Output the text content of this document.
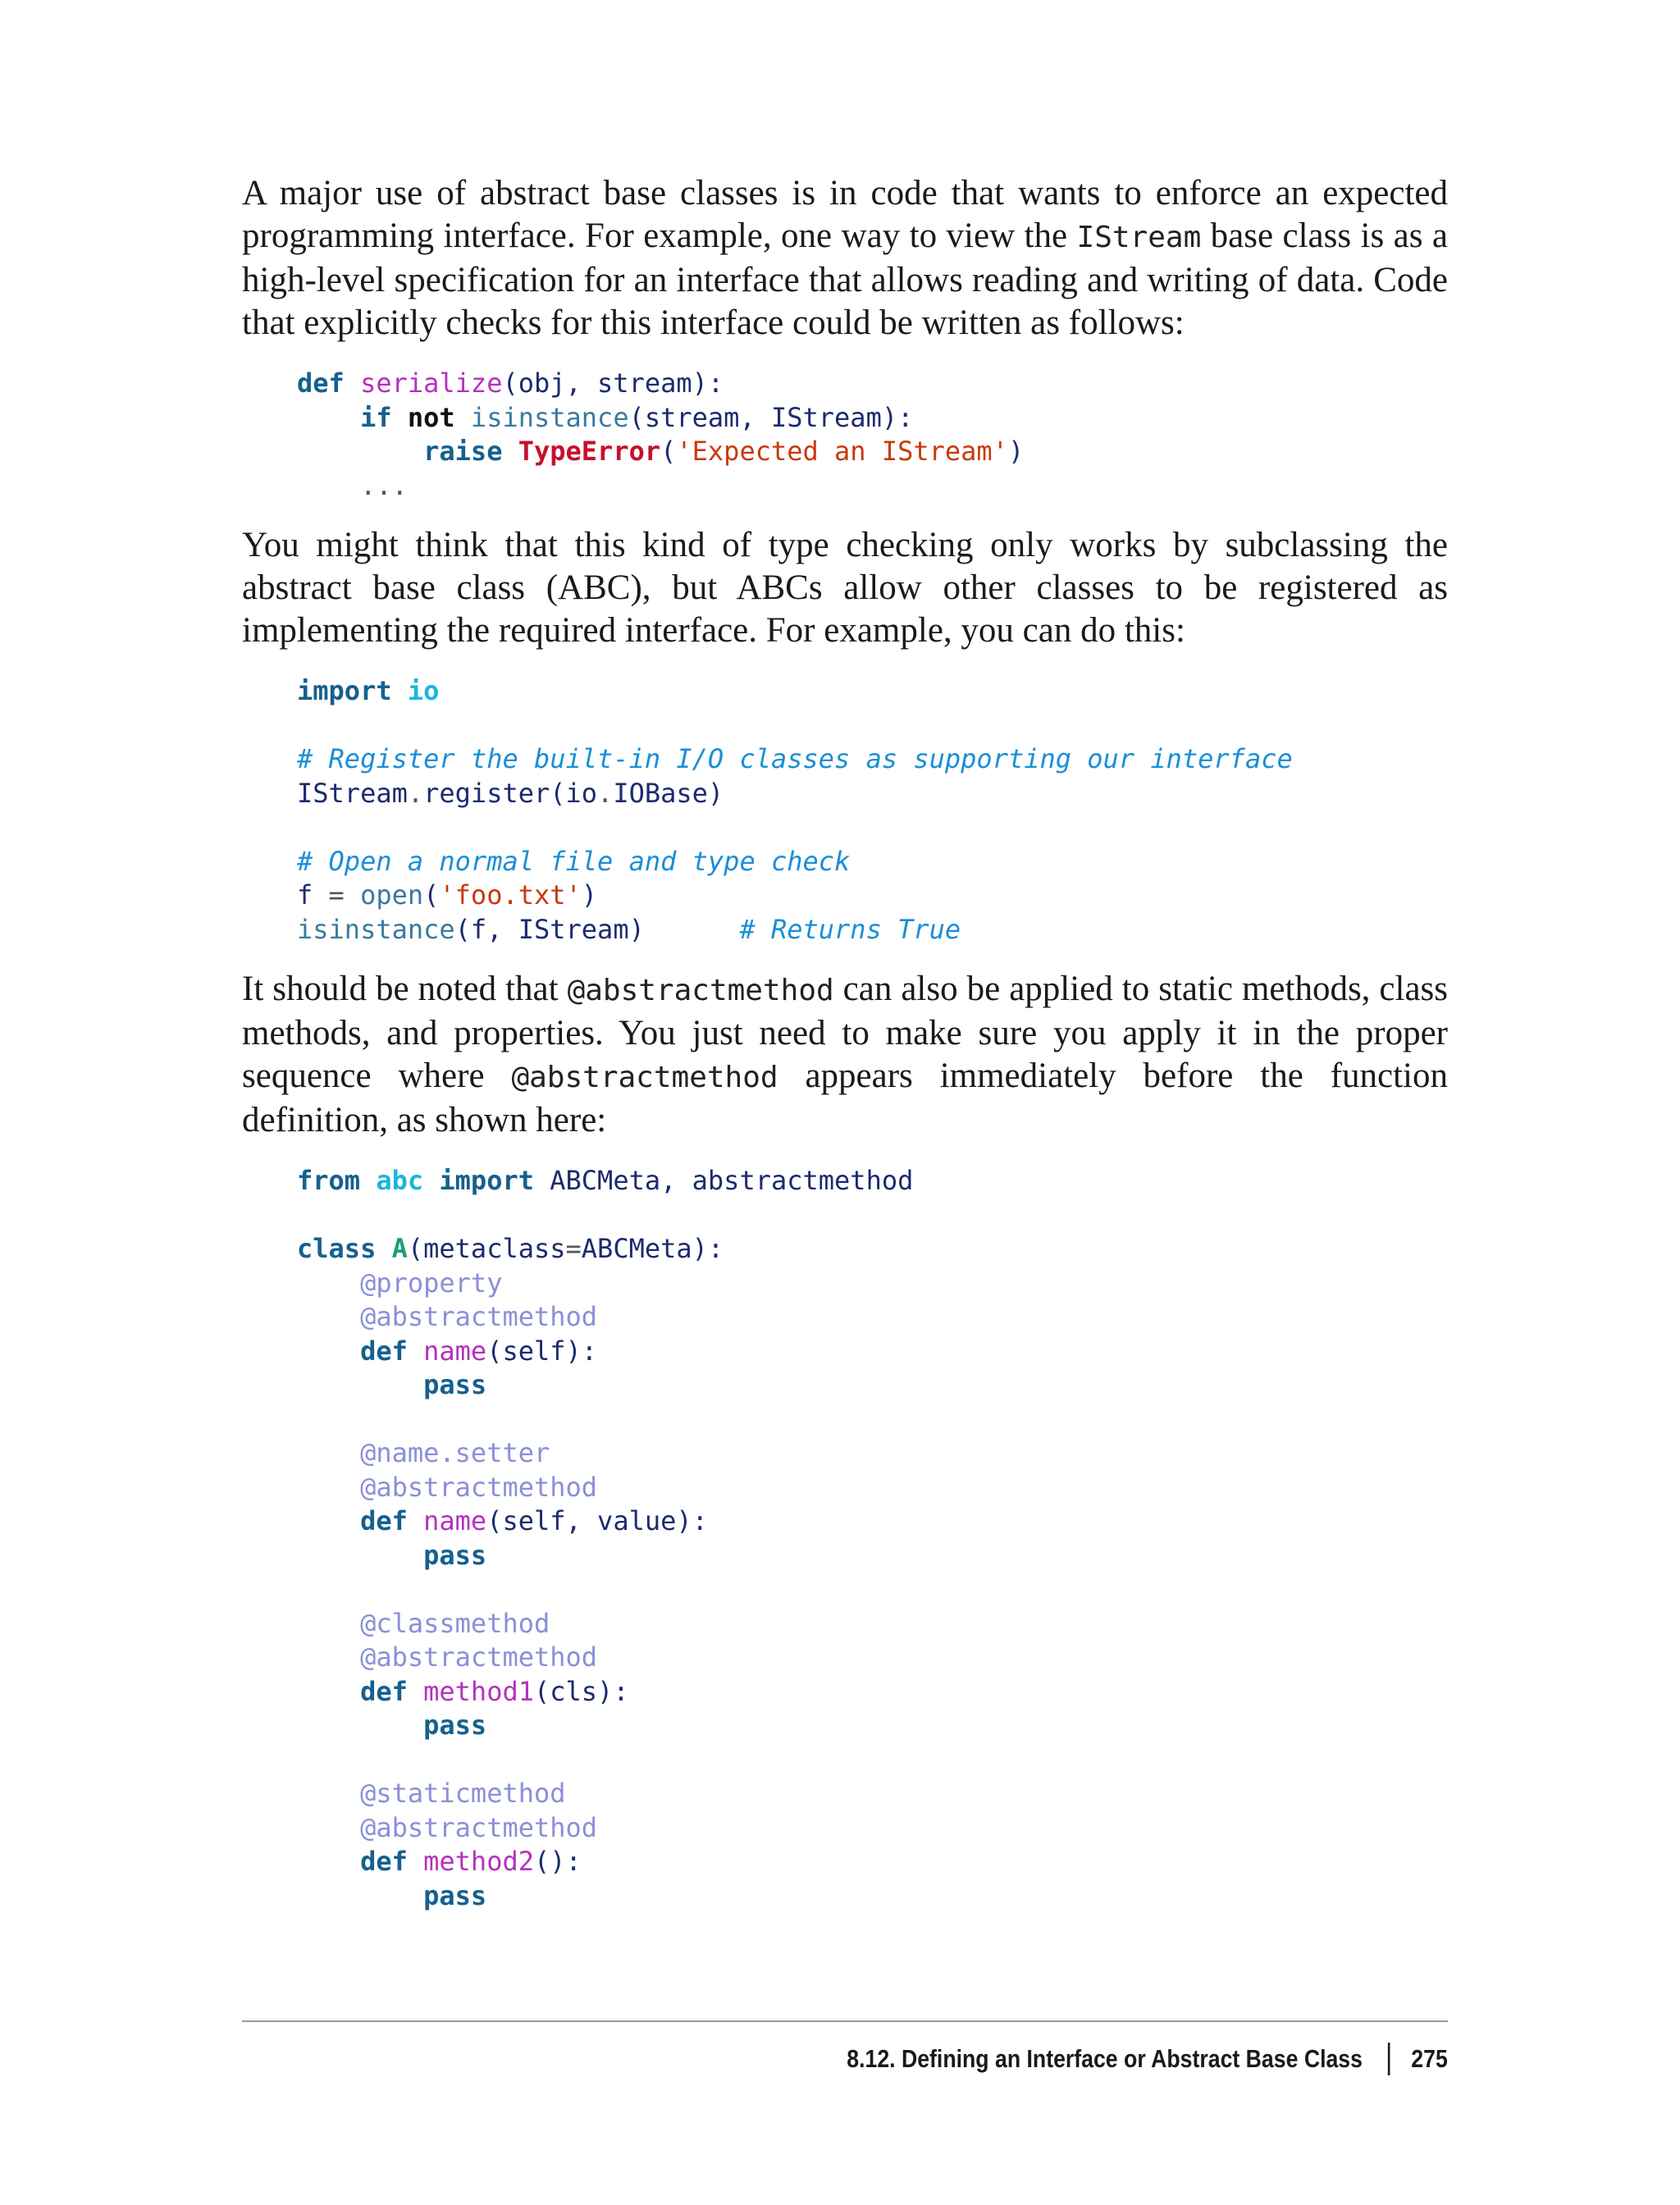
A major use of abstract base classes is in code that wants to enforce an expected programming interface. For example, one way to view the IStream base class is as a high-level specification for an interface that allows reading and writing of data. Code that explicitly checks for this interface could be written as follows:

def serialize(obj, stream):
if not isinstance(stream, IStream):
raise TypeError('Expected an IStream')
...

You might think that this kind of type checking only works by subclassing the abstract base class (ABC), but ABCs allow other classes to be registered as implementing the required interface. For example, you can do this:

import io
# Register the built-in I/O classes as supporting our interface
IStream.register(io.IOBase)
# Open a normal file and type check
f = open('foo.txt')
isinstance(f, IStream)	# Returns True

It should be noted that @abstractmethod can also be applied to static methods, class methods, and properties. You just need to make sure you apply it in the proper sequence where @abstractmethod appears immediately before the function definition, as shown here:

from abc import ABCMeta, abstractmethod
class A(metaclass=ABCMeta):
@property
@abstractmethod
def name(self):
pass
@name.setter
@abstractmethod
def name(self, value):
pass
@classmethod
@abstractmethod
def method1(cls):
pass
@staticmethod
@abstractmethod
def method2():
pass
8.12. Defining an Interface or Abstract Base Class 275
